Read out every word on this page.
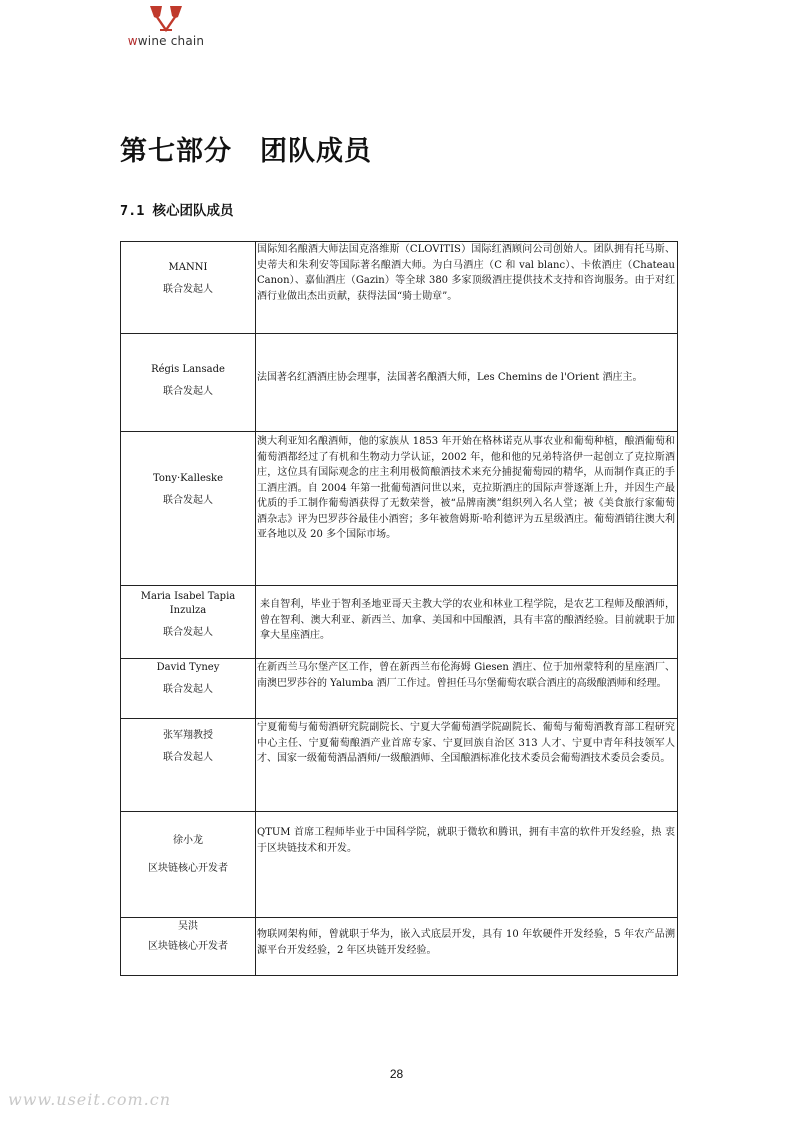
wwine chain
第七部分　团队成员
7.1 核心团队成员
MANNI
联合发起人	国际知名酿酒大师法国克洛维斯（CLOVITIS）国际红酒顾问公司创始人。团队拥有托马斯、史蒂夫和朱利安等国际著名酿酒大师。为白马酒庄（C 和 val blanc）、卡侬酒庄（Chateau Canon）、嘉仙酒庄（Gazin）等全球 380 多家顶级酒庄提供技术支持和咨询服务。由于对红酒行业做出杰出贡献，获得法国“骑士勋章”。

Régis Lansade
联合发起人	法国著名红酒酒庄协会理事，法国著名酿酒大师，Les Chemins de l'Orient 酒庄主。

Tony·Kalleske
联合发起人	澳大利亚知名酿酒师，他的家族从 1853 年开始在格林诺克从事农业和葡萄种植，酿酒葡萄和葡萄酒都经过了有机和生物动力学认证，2002 年，他和他的兄弟特洛伊一起创立了克拉斯酒庄，这位具有国际观念的庄主利用极简酿酒技术来充分捕捉葡萄园的精华，从而制作真正的手工酒庄酒。自 2004 年第一批葡萄酒问世以来，克拉斯酒庄的国际声誉逐渐上升，并因生产最优质的手工制作葡萄酒获得了无数荣誉，被“品牌南澳”组织列入名人堂；被《美食旅行家葡萄酒杂志》评为巴罗莎谷最佳小酒窖；多年被詹姆斯·哈利德评为五星级酒庄。葡萄酒销往澳大利亚各地以及 20 多个国际市场。

Maria Isabel Tapia Inzulza
联合发起人	来自智利，毕业于智利圣地亚哥天主教大学的农业和林业工程学院，是农艺工程师及酿酒师，曾在智利、澳大利亚、新西兰、加拿、美国和中国酿酒，具有丰富的酿酒经验。目前就职于加拿大星座酒庄。

David Tyney
联合发起人	在新西兰马尔堡产区工作，曾在新西兰布伦海姆 Giesen 酒庄、位于加州蒙特利的星座酒厂、南澳巴罗莎谷的 Yalumba 酒厂工作过。曾担任马尔堡葡萄农联合酒庄的高级酿酒师和经理。

张军翔教授
联合发起人	宁夏葡萄与葡萄酒研究院副院长、宁夏大学葡萄酒学院副院长、葡萄与葡萄酒教育部工程研究中心主任、宁夏葡萄酿酒产业首席专家、宁夏回族自治区 313 人才、宁夏中青年科技领军人才、国家一级葡萄酒品酒师/一级酿酒师、全国酿酒标准化技术委员会葡萄酒技术委员会委员。

徐小龙
区块链核心开发者	QTUM 首席工程师毕业于中国科学院，就职于微软和腾讯，拥有丰富的软件开发经验，热 衷于区块链技术和开发。

吴洪
区块链核心开发者	物联网架构师，曾就职于华为，嵌入式底层开发，具有 10 年软硬件开发经验，5 年农产品溯源平台开发经验，2 年区块链开发经验。
28
www.useit.com.cn
